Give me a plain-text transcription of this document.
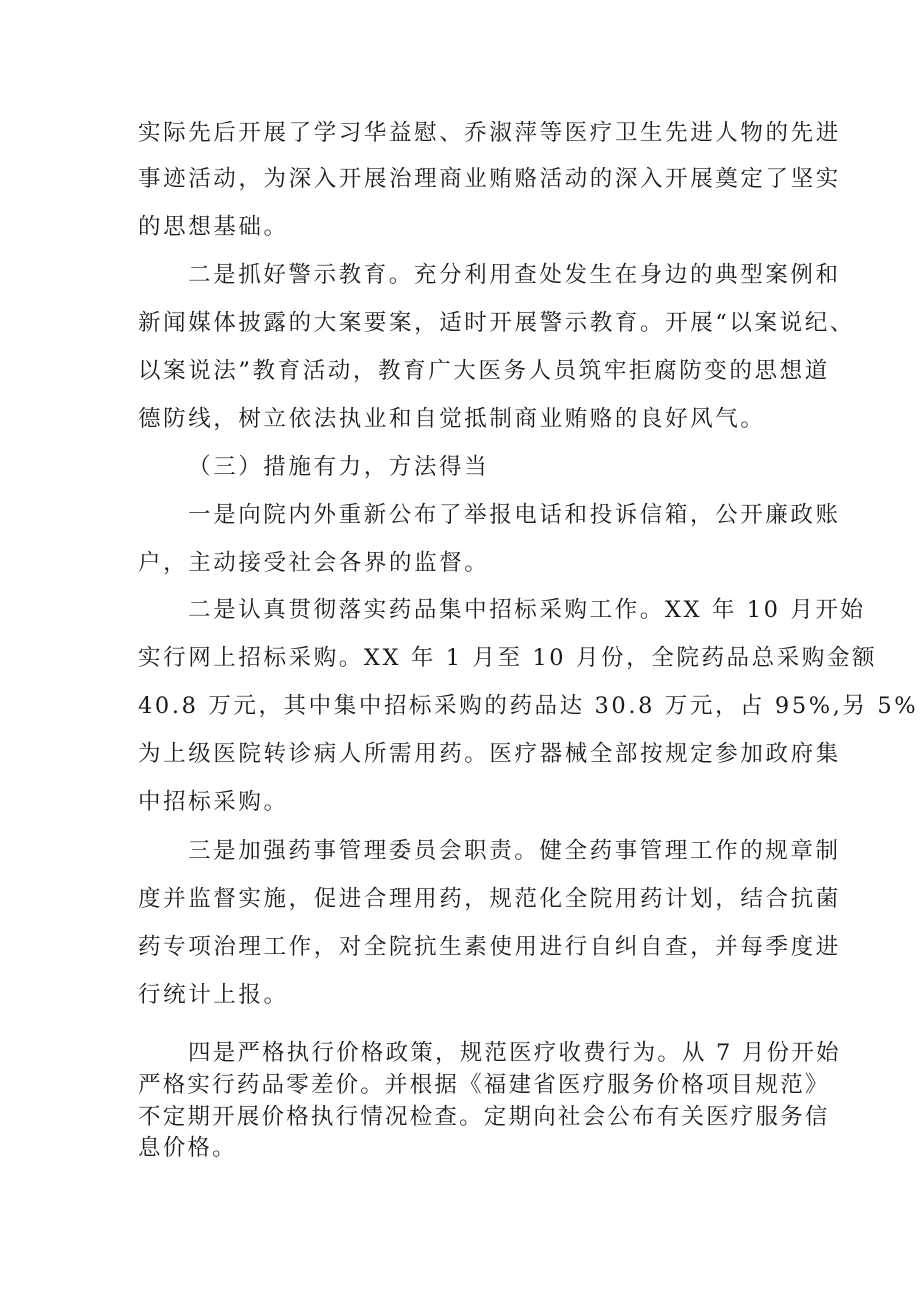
实际先后开展了学习华益慰、乔淑萍等医疗卫生先进人物的先进
事迹活动，为深入开展治理商业贿赂活动的深入开展奠定了坚实
的思想基础。
二是抓好警示教育。充分利用查处发生在身边的典型案例和
新闻媒体披露的大案要案，适时开展警示教育。开展“以案说纪、
以案说法”教育活动，教育广大医务人员筑牢拒腐防变的思想道
德防线，树立依法执业和自觉抵制商业贿赂的良好风气。
（三）措施有力，方法得当
一是向院内外重新公布了举报电话和投诉信箱，公开廉政账
户，主动接受社会各界的监督。
二是认真贯彻落实药品集中招标采购工作。XX 年 10 月开始
实行网上招标采购。XX 年 1 月至 10 月份，全院药品总采购金额
40.8 万元，其中集中招标采购的药品达 30.8 万元，占 95%,另 5%
为上级医院转诊病人所需用药。医疗器械全部按规定参加政府集
中招标采购。
三是加强药事管理委员会职责。健全药事管理工作的规章制
度并监督实施，促进合理用药，规范化全院用药计划，结合抗菌
药专项治理工作，对全院抗生素使用进行自纠自查，并每季度进
行统计上报。
四是严格执行价格政策，规范医疗收费行为。从 7 月份开始
严格实行药品零差价。并根据《福建省医疗服务价格项目规范》
不定期开展价格执行情况检查。定期向社会公布有关医疗服务信
息价格。
